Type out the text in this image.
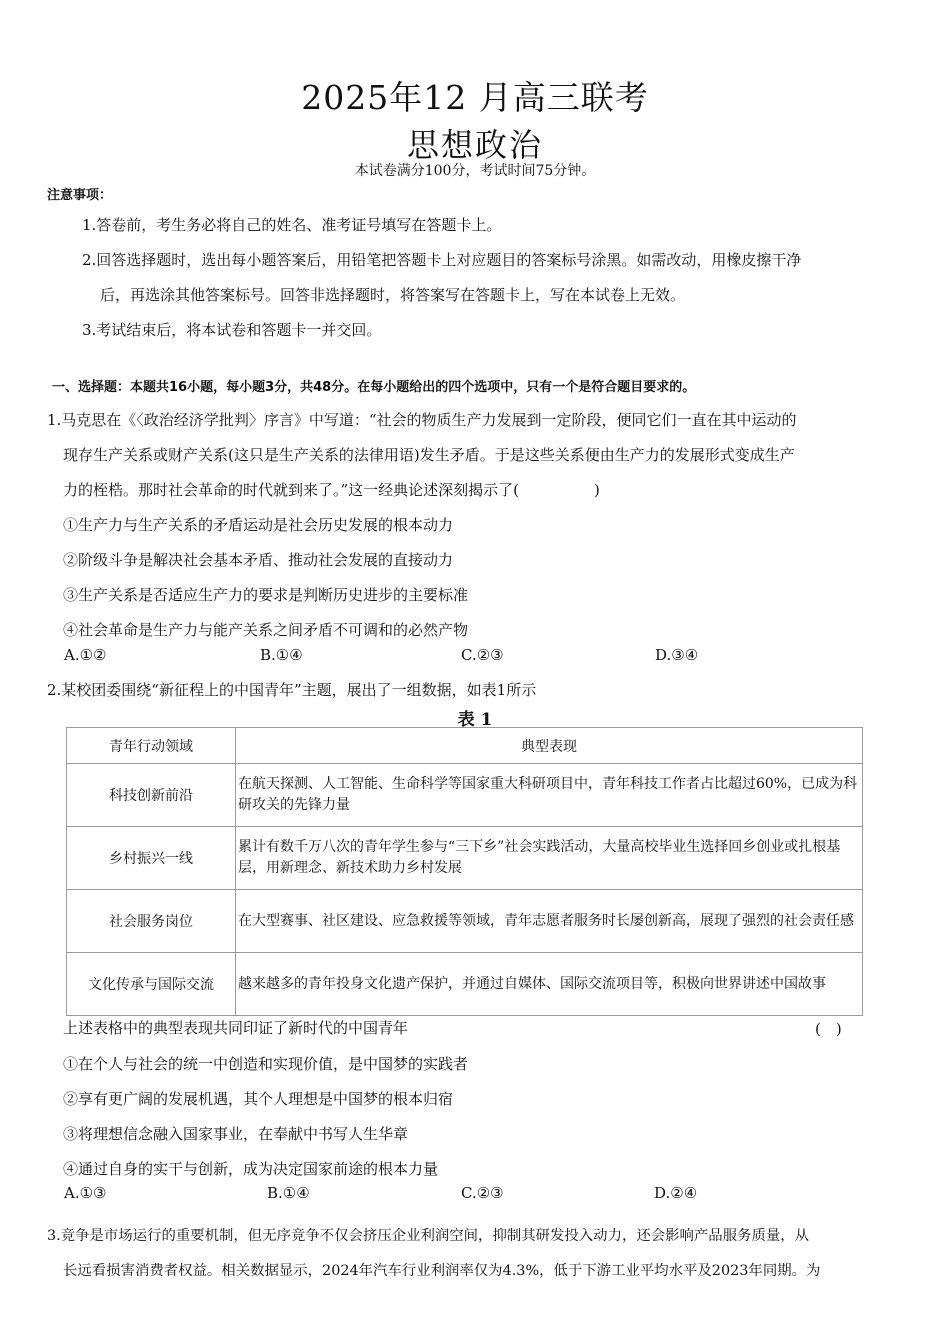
2025年12 月高三联考
思想政治
本试卷满分100分，考试时间75分钟。
注意事项：
1.答卷前，考生务必将自己的姓名、准考证号填写在答题卡上。
2.回答选择题时，选出每小题答案后，用铅笔把答题卡上对应题目的答案标号涂黑。如需改动，用橡皮擦干净
后，再选涂其他答案标号。回答非选择题时，将答案写在答题卡上，写在本试卷上无效。
3.考试结束后，将本试卷和答题卡一并交回。
一、选择题：本题共16小题，每小题3分，共48分。在每小题给出的四个选项中，只有一个是符合题目要求的。
1.马克思在《〈政治经济学批判〉序言》中写道：“社会的物质生产力发展到一定阶段，便同它们一直在其中运动的
现存生产关系或财产关系(这只是生产关系的法律用语)发生矛盾。于是这些关系便由生产力的发展形式变成生产
力的桎梏。那时社会革命的时代就到来了。”这一经典论述深刻揭示了(　　　　　)
①生产力与生产关系的矛盾运动是社会历史发展的根本动力
②阶级斗争是解决社会基本矛盾、推动社会发展的直接动力
③生产关系是否适应生产力的要求是判断历史进步的主要标准
④社会革命是生产力与能产关系之间矛盾不可调和的必然产物
A.①②	B.①④	C.②③	D.③④
2.某校团委围绕“新征程上的中国青年”主题，展出了一组数据，如表1所示
表 1
青年行动领域	典型表现
科技创新前沿	在航天探测、人工智能、生命科学等国家重大科研项目中，青年科技工作者占比超过60%，已成为科研攻关的先锋力量
乡村振兴一线	累计有数千万八次的青年学生参与“三下乡”社会实践活动，大量高校毕业生选择回乡创业或扎根基层，用新理念、新技术助力乡村发展
社会服务岗位	在大型赛事、社区建设、应急救援等领域，青年志愿者服务时长屡创新高，展现了强烈的社会责任感
文化传承与国际交流	越来越多的青年投身文化遗产保护，并通过自媒体、国际交流项目等，积极向世界讲述中国故事
上述表格中的典型表现共同印证了新时代的中国青年	(　)
①在个人与社会的统一中创造和实现价值，是中国梦的实践者
②享有更广阔的发展机遇，其个人理想是中国梦的根本归宿
③将理想信念融入国家事业，在奉献中书写人生华章
④通过自身的实干与创新，成为决定国家前途的根本力量
A.①③	B.①④	C.②③	D.②④
3.竞争是市场运行的重要机制，但无序竞争不仅会挤压企业利润空间，抑制其研发投入动力，还会影响产品服务质量，从
长远看损害消费者权益。相关数据显示，2024年汽车行业利润率仅为4.3%，低于下游工业平均水平及2023年同期。为
